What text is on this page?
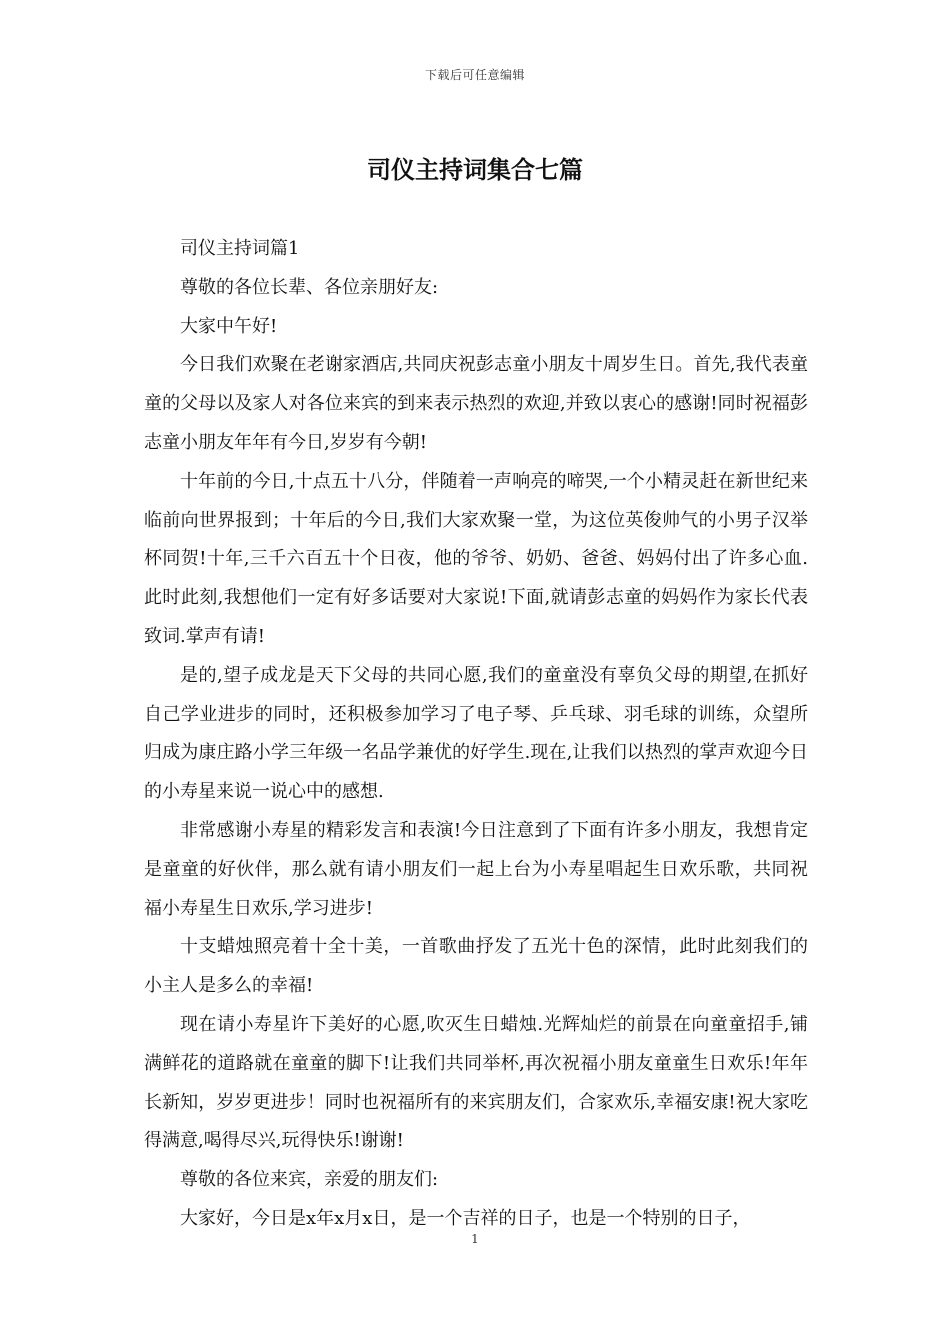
下载后可任意编辑
司仪主持词集合七篇

司仪主持词篇1

尊敬的各位长辈、各位亲朋好友:

大家中午好!

今日我们欢聚在老谢家酒店,共同庆祝彭志童小朋友十周岁生日。首先,我代表童童的父母以及家人对各位来宾的到来表示热烈的欢迎,并致以衷心的感谢!同时祝福彭志童小朋友年年有今日,岁岁有今朝!

十年前的今日,十点五十八分，伴随着一声响亮的啼哭,一个小精灵赶在新世纪来临前向世界报到；十年后的今日,我们大家欢聚一堂，为这位英俊帅气的小男子汉举杯同贺!十年,三千六百五十个日夜，他的爷爷、奶奶、爸爸、妈妈付出了许多心血.此时此刻,我想他们一定有好多话要对大家说!下面,就请彭志童的妈妈作为家长代表致词.掌声有请!

是的,望子成龙是天下父母的共同心愿,我们的童童没有辜负父母的期望,在抓好自己学业进步的同时，还积极参加学习了电子琴、乒乓球、羽毛球的训练，众望所归成为康庄路小学三年级一名品学兼优的好学生.现在,让我们以热烈的掌声欢迎今日的小寿星来说一说心中的感想.

非常感谢小寿星的精彩发言和表演!今日注意到了下面有许多小朋友，我想肯定是童童的好伙伴，那么就有请小朋友们一起上台为小寿星唱起生日欢乐歌，共同祝福小寿星生日欢乐,学习进步!

十支蜡烛照亮着十全十美，一首歌曲抒发了五光十色的深情，此时此刻我们的小主人是多么的幸福!

现在请小寿星许下美好的心愿,吹灭生日蜡烛.光辉灿烂的前景在向童童招手,铺满鲜花的道路就在童童的脚下!让我们共同举杯,再次祝福小朋友童童生日欢乐!年年长新知，岁岁更进步！同时也祝福所有的来宾朋友们，合家欢乐,幸福安康!祝大家吃得满意,喝得尽兴,玩得快乐!谢谢!

尊敬的各位来宾，亲爱的朋友们:

大家好，今日是x年x月x日，是一个吉祥的日子，也是一个特别的日子，

1
